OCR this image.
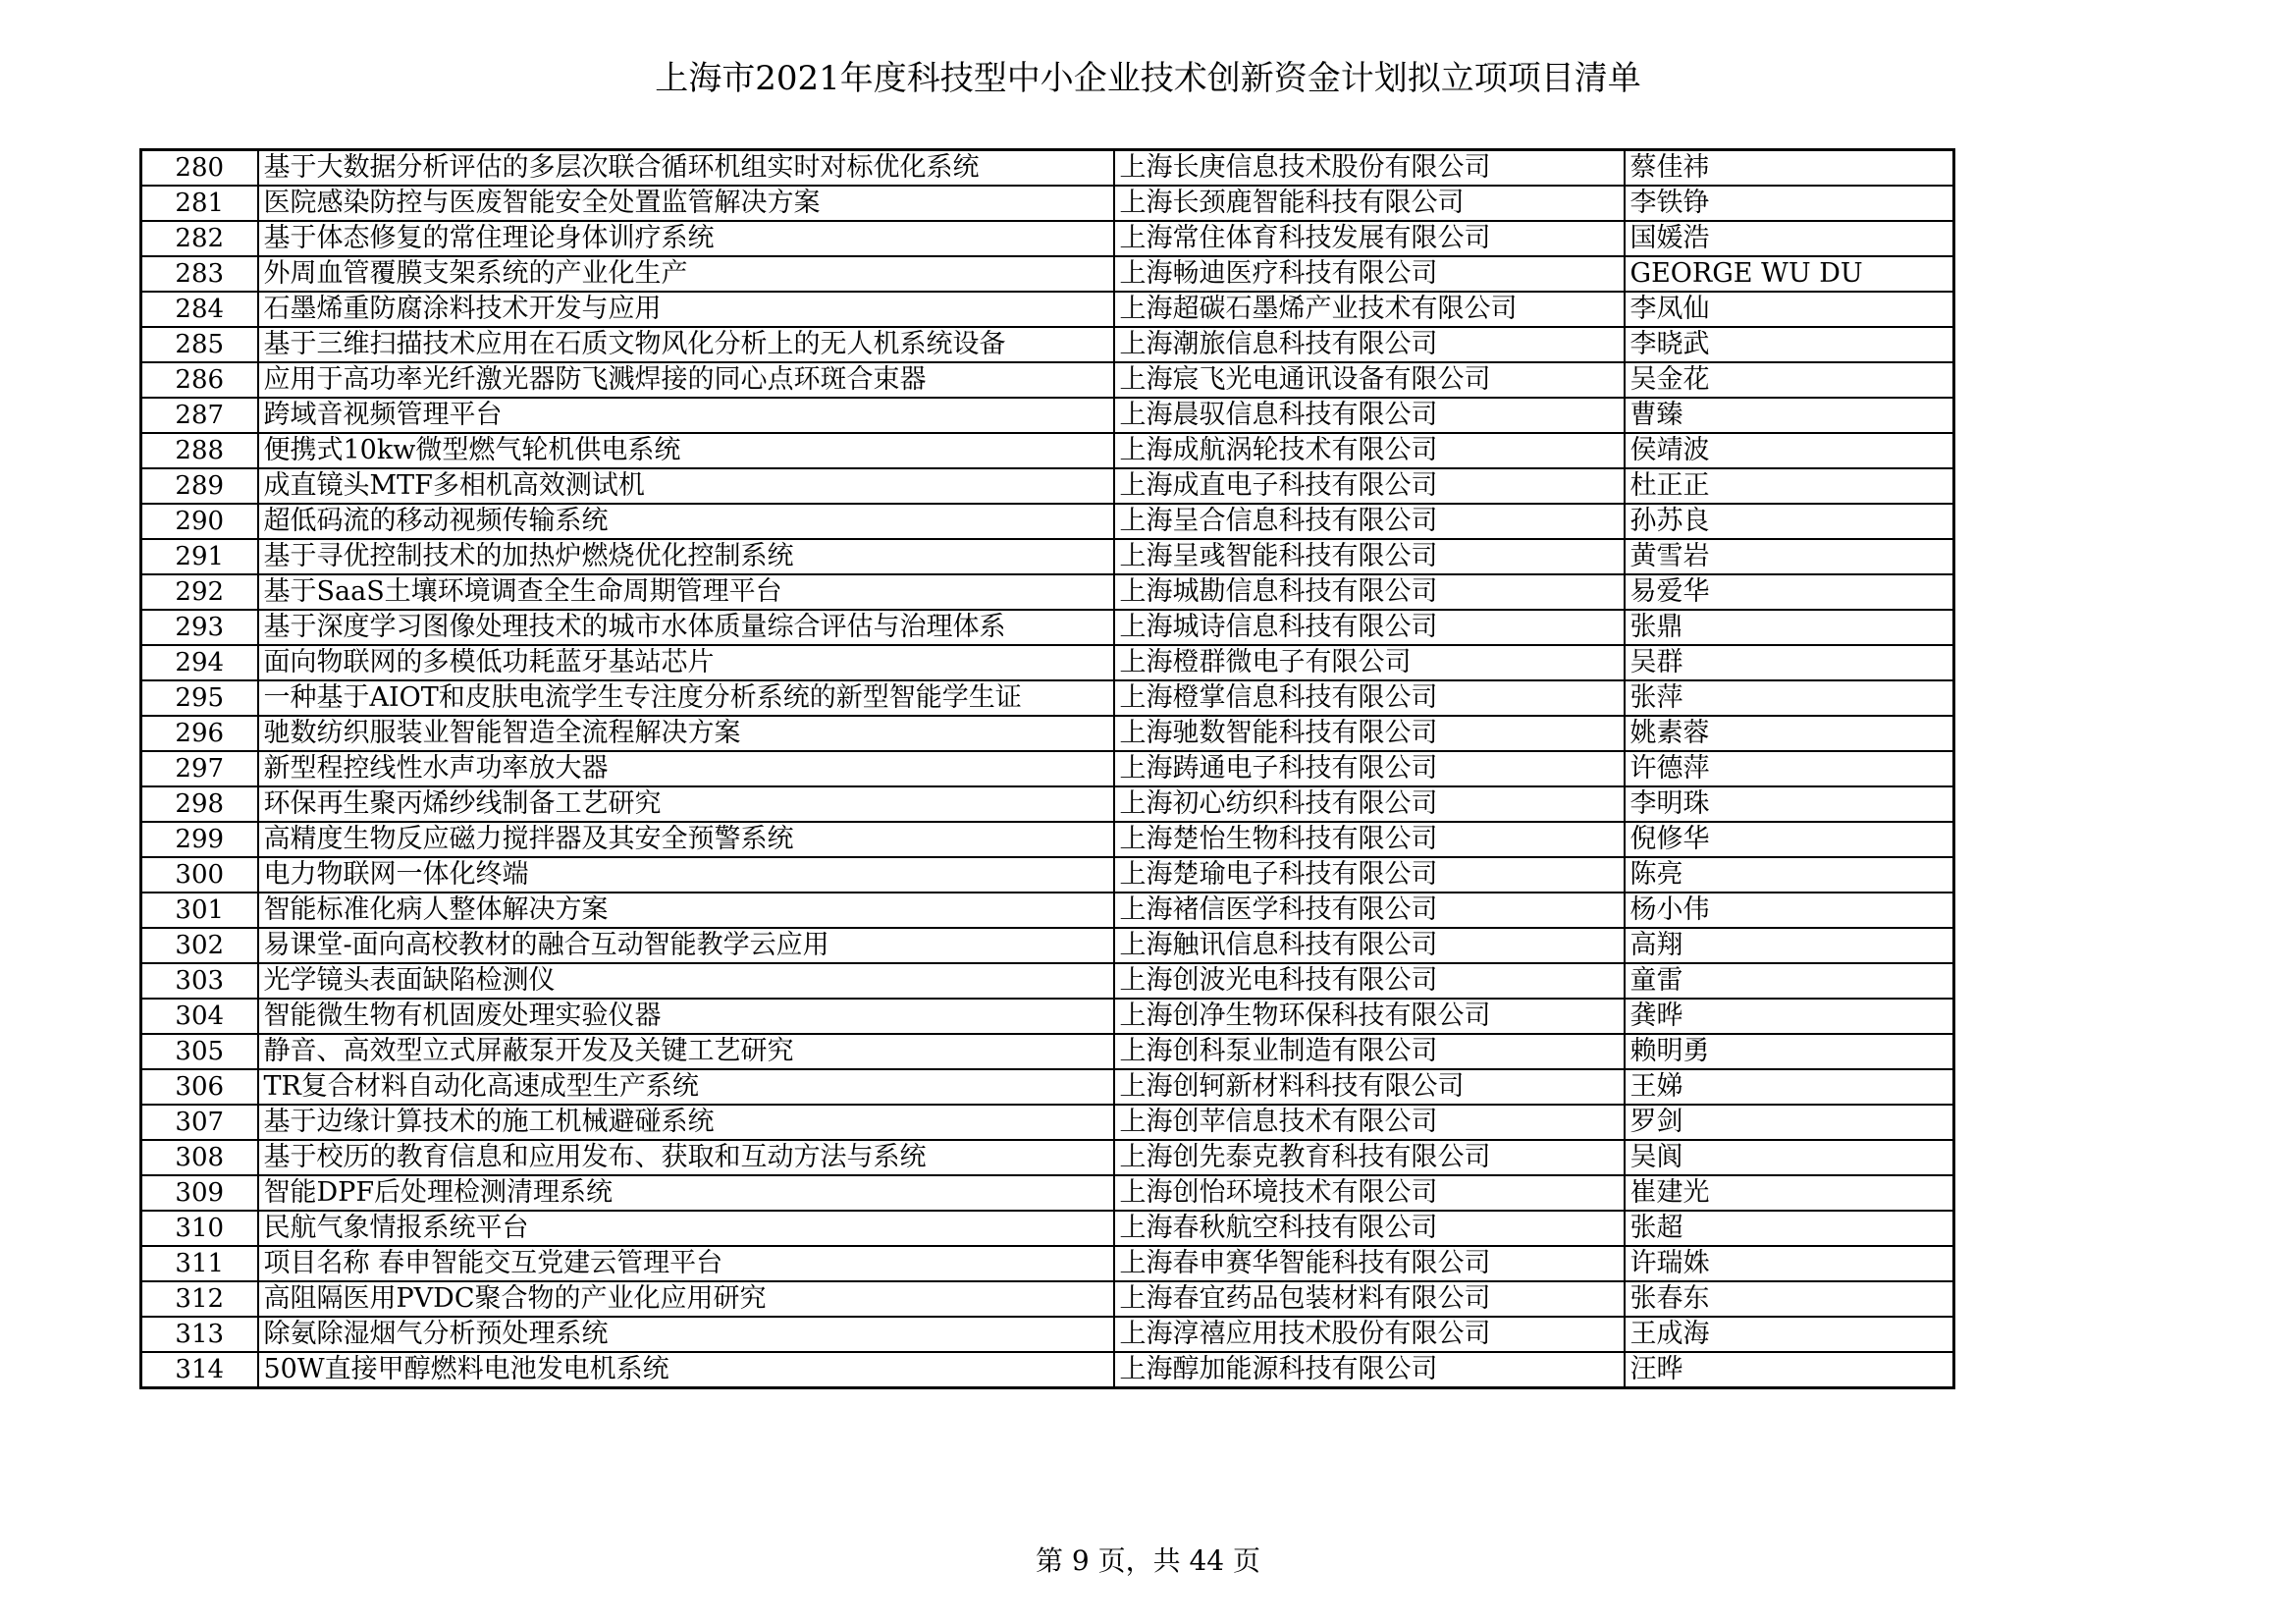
上海市2021年度科技型中小企业技术创新资金计划拟立项项目清单
280	基于大数据分析评估的多层次联合循环机组实时对标优化系统	上海长庚信息技术股份有限公司	蔡佳祎
281	医院感染防控与医废智能安全处置监管解决方案	上海长颈鹿智能科技有限公司	李铁铮
282	基于体态修复的常住理论身体训疗系统	上海常住体育科技发展有限公司	国媛浩
283	外周血管覆膜支架系统的产业化生产	上海畅迪医疗科技有限公司	GEORGE WU DU
284	石墨烯重防腐涂料技术开发与应用	上海超碳石墨烯产业技术有限公司	李凤仙
285	基于三维扫描技术应用在石质文物风化分析上的无人机系统设备	上海潮旅信息科技有限公司	李晓武
286	应用于高功率光纤激光器防飞溅焊接的同心点环斑合束器	上海宸飞光电通讯设备有限公司	吴金花
287	跨域音视频管理平台	上海晨驭信息科技有限公司	曹臻
288	便携式10kw微型燃气轮机供电系统	上海成航涡轮技术有限公司	侯靖波
289	成直镜头MTF多相机高效测试机	上海成直电子科技有限公司	杜正正
290	超低码流的移动视频传输系统	上海呈合信息科技有限公司	孙苏良
291	基于寻优控制技术的加热炉燃烧优化控制系统	上海呈彧智能科技有限公司	黄雪岩
292	基于SaaS土壤环境调查全生命周期管理平台	上海城勘信息科技有限公司	易爱华
293	基于深度学习图像处理技术的城市水体质量综合评估与治理体系	上海城诗信息科技有限公司	张鼎
294	面向物联网的多模低功耗蓝牙基站芯片	上海橙群微电子有限公司	吴群
295	一种基于AIOT和皮肤电流学生专注度分析系统的新型智能学生证	上海橙掌信息科技有限公司	张萍
296	驰数纺织服装业智能智造全流程解决方案	上海驰数智能科技有限公司	姚素蓉
297	新型程控线性水声功率放大器	上海踌通电子科技有限公司	许德萍
298	环保再生聚丙烯纱线制备工艺研究	上海初心纺织科技有限公司	李明珠
299	高精度生物反应磁力搅拌器及其安全预警系统	上海楚怡生物科技有限公司	倪修华
300	电力物联网一体化终端	上海楚瑜电子科技有限公司	陈亮
301	智能标准化病人整体解决方案	上海褚信医学科技有限公司	杨小伟
302	易课堂-面向高校教材的融合互动智能教学云应用	上海触讯信息科技有限公司	高翔
303	光学镜头表面缺陷检测仪	上海创波光电科技有限公司	童雷
304	智能微生物有机固废处理实验仪器	上海创净生物环保科技有限公司	龚晔
305	静音、高效型立式屏蔽泵开发及关键工艺研究	上海创科泵业制造有限公司	赖明勇
306	TR复合材料自动化高速成型生产系统	上海创轲新材料科技有限公司	王娣
307	基于边缘计算技术的施工机械避碰系统	上海创苹信息技术有限公司	罗剑
308	基于校历的教育信息和应用发布、获取和互动方法与系统	上海创先泰克教育科技有限公司	吴阆
309	智能DPF后处理检测清理系统	上海创怡环境技术有限公司	崔建光
310	民航气象情报系统平台	上海春秋航空科技有限公司	张超
311	项目名称 春申智能交互党建云管理平台	上海春申赛华智能科技有限公司	许瑞姝
312	高阻隔医用PVDC聚合物的产业化应用研究	上海春宜药品包装材料有限公司	张春东
313	除氨除湿烟气分析预处理系统	上海淳禧应用技术股份有限公司	王成海
314	50W直接甲醇燃料电池发电机系统	上海醇加能源科技有限公司	汪晔
第 9 页，共 44 页
